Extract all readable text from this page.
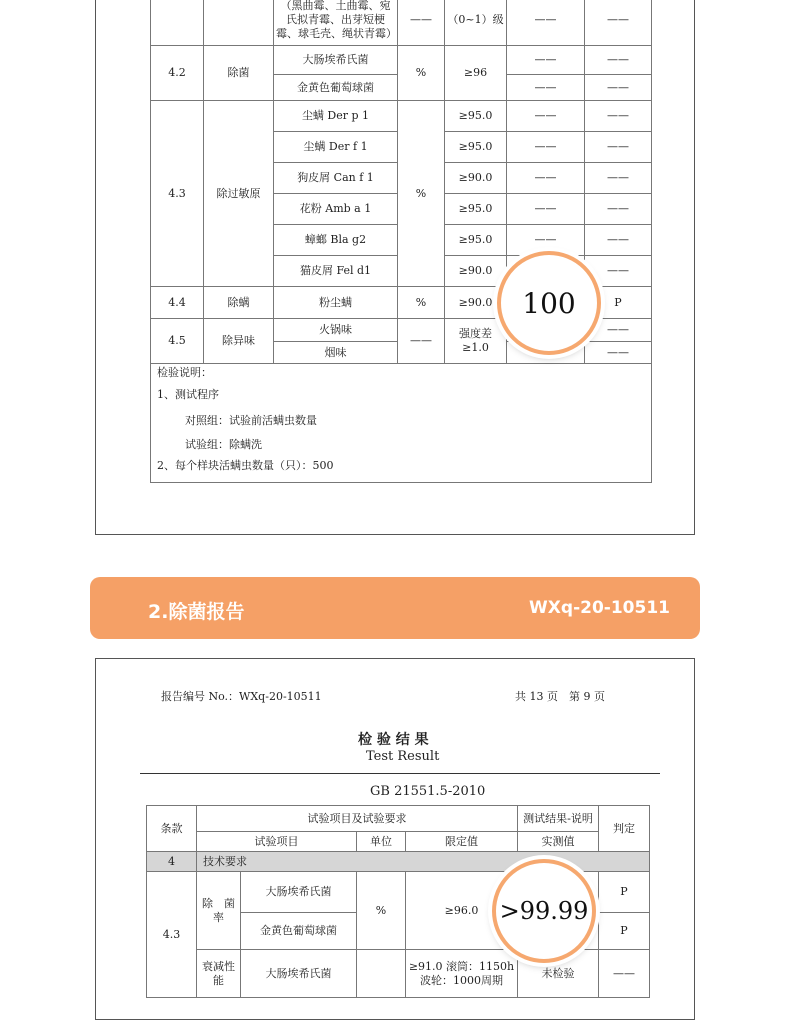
		（黑曲霉、土曲霉、宛氏拟青霉、出芽短梗霉、球毛壳、绳状青霉）	——	（0~1）级	——	——
4.2	除菌	大肠埃希氏菌	%	≥96	——	——
		金黄色葡萄球菌			——	——
4.3	除过敏原	尘螨 Der p 1	%	≥95.0	——	——
		尘螨 Der f 1		≥95.0	——	——
		狗皮屑 Can f 1		≥90.0	——	——
		花粉 Amb a 1		≥95.0	——	——
		蟑螂 Bla g2		≥95.0	——	——
		猫皮屑 Fel d1		≥90.0		——
4.4	除螨	粉尘螨	%	≥90.0		P
4.5	除异味	火锅味	——	强度差≥1.0		——
		烟味				——
检验说明：
1、测试程序
对照组：试验前活螨虫数量
试验组：除螨洗
2、每个样块活螨虫数量（只）：500
100
2.除菌报告	WXq-20-10511
报告编号 No.：WXq-20-10511	共 13 页　第 9 页
检 验 结 果
Test Result
GB 21551.5-2010
条款	试验项目及试验要求				测试结果-说明	判定
	试验项目		单位	限定值	实测值	
4	技术要求					
4.3	除　菌率	大肠埃希氏菌	%	≥96.0		P
		金黄色葡萄球菌				P
	衰减性能	大肠埃希氏菌		≥91.0 滚筒：1150h 波轮：1000周期	未检验	——
>99.99
